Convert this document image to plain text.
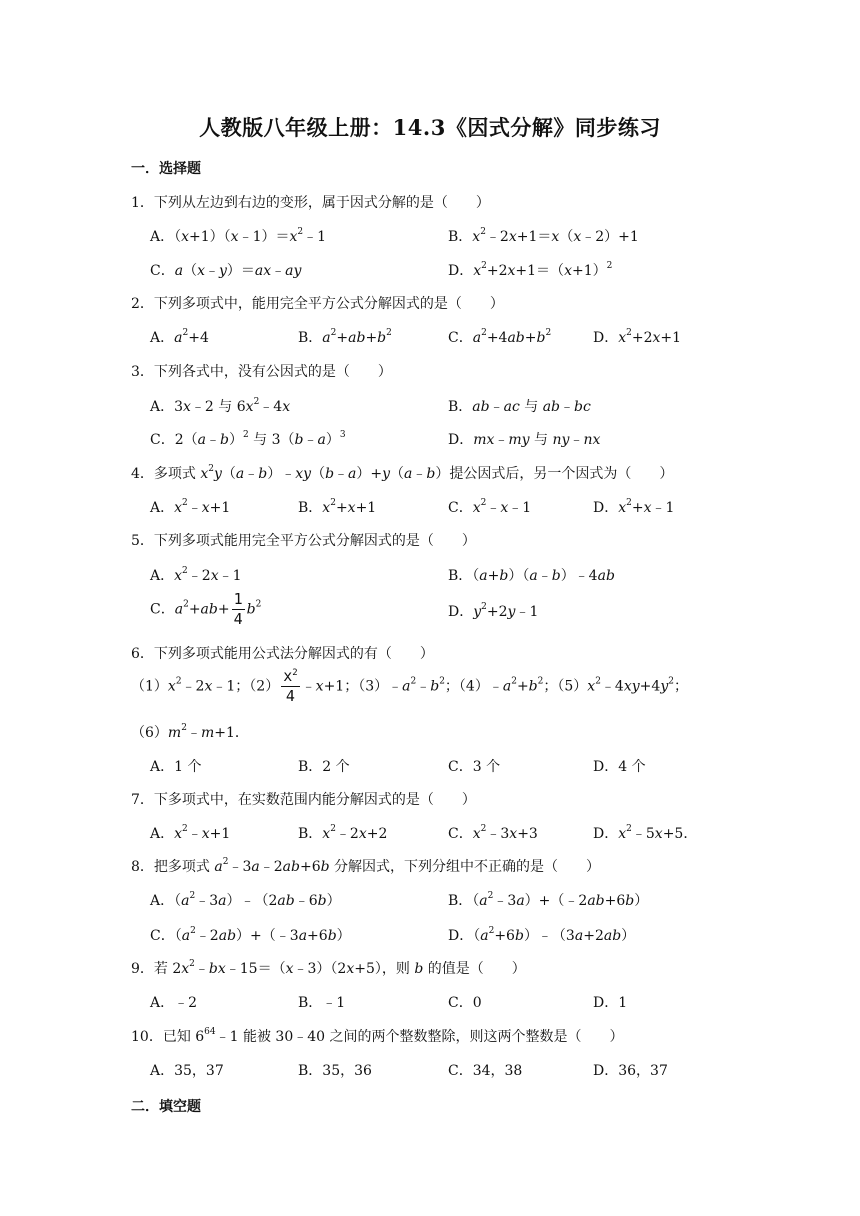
人教版八年级上册：14.3《因式分解》同步练习
一．选择题
1．下列从左边到右边的变形，属于因式分解的是（　　）
A．$(x+1)(x﹣1)=x^2﹣1$	B．$x^2﹣2x+1=x(x﹣2)+1$
C．a（x﹣y）＝ax﹣ay	D．$x^2+2x+1=(x+1)^2$
2．下列多项式中，能用完全平方公式分解因式的是（　　）
A．$a^2+4$	B．$a^2+ab+b^2$	C．$a^2+4ab+b^2$	D．$x^2+2x+1$
3．下列各式中，没有公因式的是（　　）
A．3x﹣2 与 $6x^2﹣4x$	B．ab﹣ac 与 ab﹣bc
C．2（a﹣b）$^2$ 与 3（b﹣a）$^3$	D．mx﹣my 与 ny﹣nx
4．多项式 $x^2y(a﹣b)﹣xy(b﹣a)+y(a﹣b)$提公因式后，另一个因式为（　　）
A．$x^2﹣x+1$	B．$x^2+x+1$	C．$x^2﹣x﹣1$	D．$x^2+x﹣1$
5．下列多项式能用完全平方公式分解因式的是（　　）
A．$x^2﹣2x﹣1$	B．（a+b）（a﹣b）﹣4ab
C．$a^2+ab+ \frac{1}{4} b^2$	D．$y^2+2y﹣1$
6．下列多项式能用公式法分解因式的有（　　）
$(1)x^2﹣2x﹣1$；$(2) \frac{x^2}{4}$ ﹣x+1；$(3)﹣a^2﹣b^2$；$(4)﹣a^2+b^2$；$(5)x^2﹣4xy+4y^2$；
$(6)m^2﹣m+1$．
A．1 个	B．2 个	C．3 个	D．4 个
7．下多项式中，在实数范围内能分解因式的是（　　）
A．$x^2﹣x+1$	B．$x^2﹣2x+2$	C．$x^2﹣3x+3$	D．$x^2﹣5x+5$．
8．把多项式 $a^2﹣3a﹣2ab+6b$ 分解因式，下列分组中不正确的是（　　）
A．$(a^2﹣3a)﹣(2ab﹣6b)$	B．$(a^2﹣3a)+(﹣2ab+6b)$
C．$(a^2﹣2ab)+(﹣3a+6b)$	D．$(a^2+6b)﹣(3a+2ab)$
9．若 $2x^2﹣bx﹣15=(x﹣3)(2x+5)$，则 b 的值是（　　）
A．﹣2	B．﹣1	C．0	D．1
10．已知 $6^{64}﹣1$ 能被 30﹣40 之间的两个整数整除，则这两个整数是（　　）
A．35，37	B．35，36	C．34，38	D．36，37
二．填空题
